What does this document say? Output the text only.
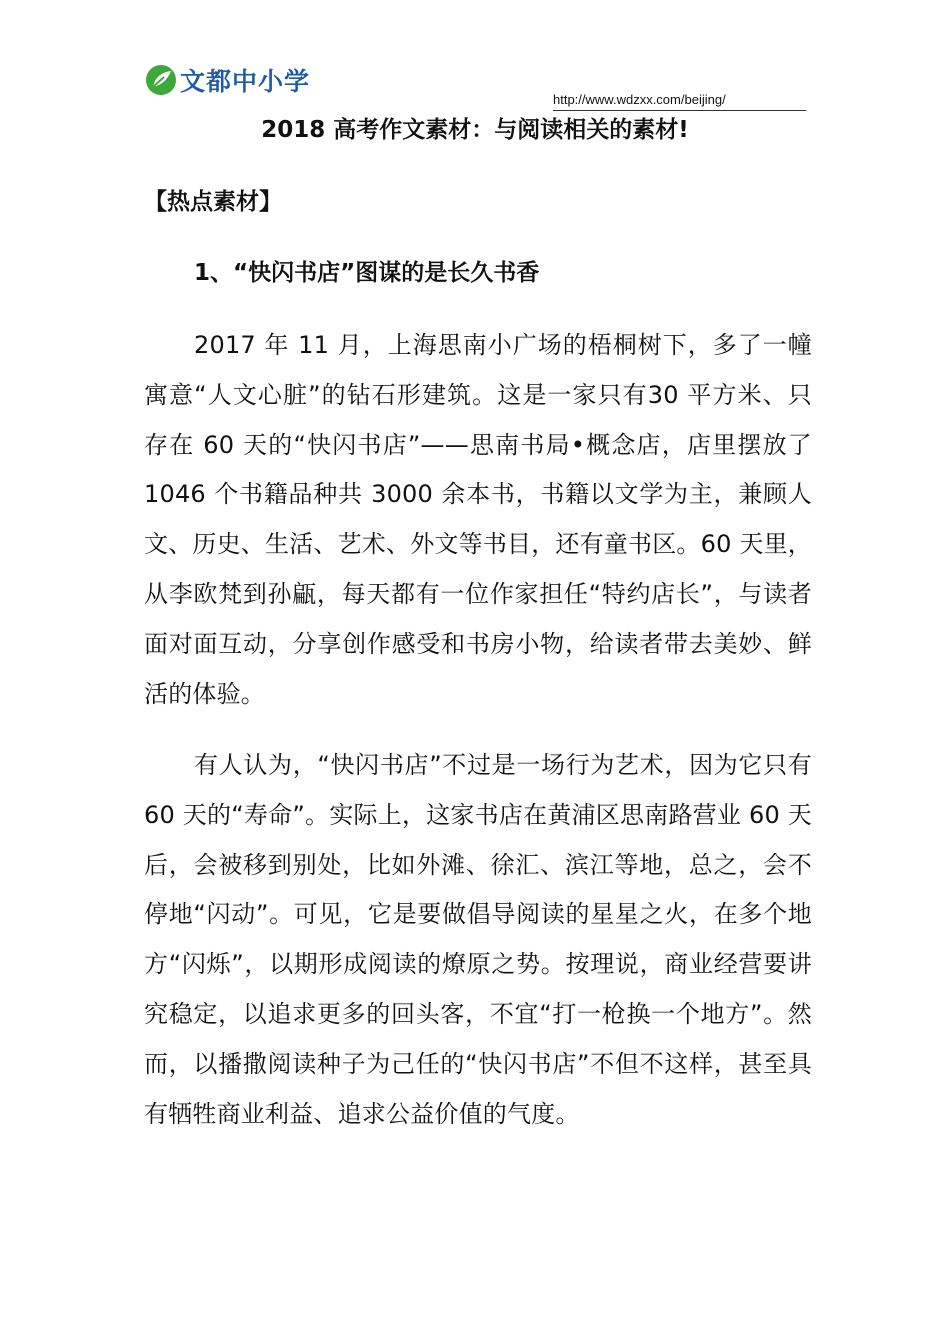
文都中小学
http://www.wdzxx.com/beijing/
2018 高考作文素材：与阅读相关的素材!
【热点素材】
1、“快闪书店”图谋的是长久书香
2017 年 11 月，上海思南小广场的梧桐树下，多了一幢寓意“人文心脏”的钻石形建筑。这是一家只有30 平方米、只存在 60 天的“快闪书店”——思南书局•概念店，店里摆放了 1046 个书籍品种共 3000 余本书，书籍以文学为主，兼顾人文、历史、生活、艺术、外文等书目，还有童书区。60 天里，从李欧梵到孙甂，每天都有一位作家担任“特约店长”，与读者面对面互动，分享创作感受和书房小物，给读者带去美妙、鲜活的体验。
有人认为，“快闪书店”不过是一场行为艺术，因为它只有 60 天的“寿命”。实际上，这家书店在黄浦区思南路营业 60 天后，会被移到别处，比如外滩、徐汇、滨江等地，总之，会不停地“闪动”。可见，它是要做倡导阅读的星星之火，在多个地方“闪烁”，以期形成阅读的燎原之势。按理说，商业经营要讲究稳定，以追求更多的回头客，不宜“打一枪换一个地方”。然而，以播撒阅读种子为己任的“快闪书店”不但不这样，甚至具有牺牲商业利益、追求公益价值的气度。
